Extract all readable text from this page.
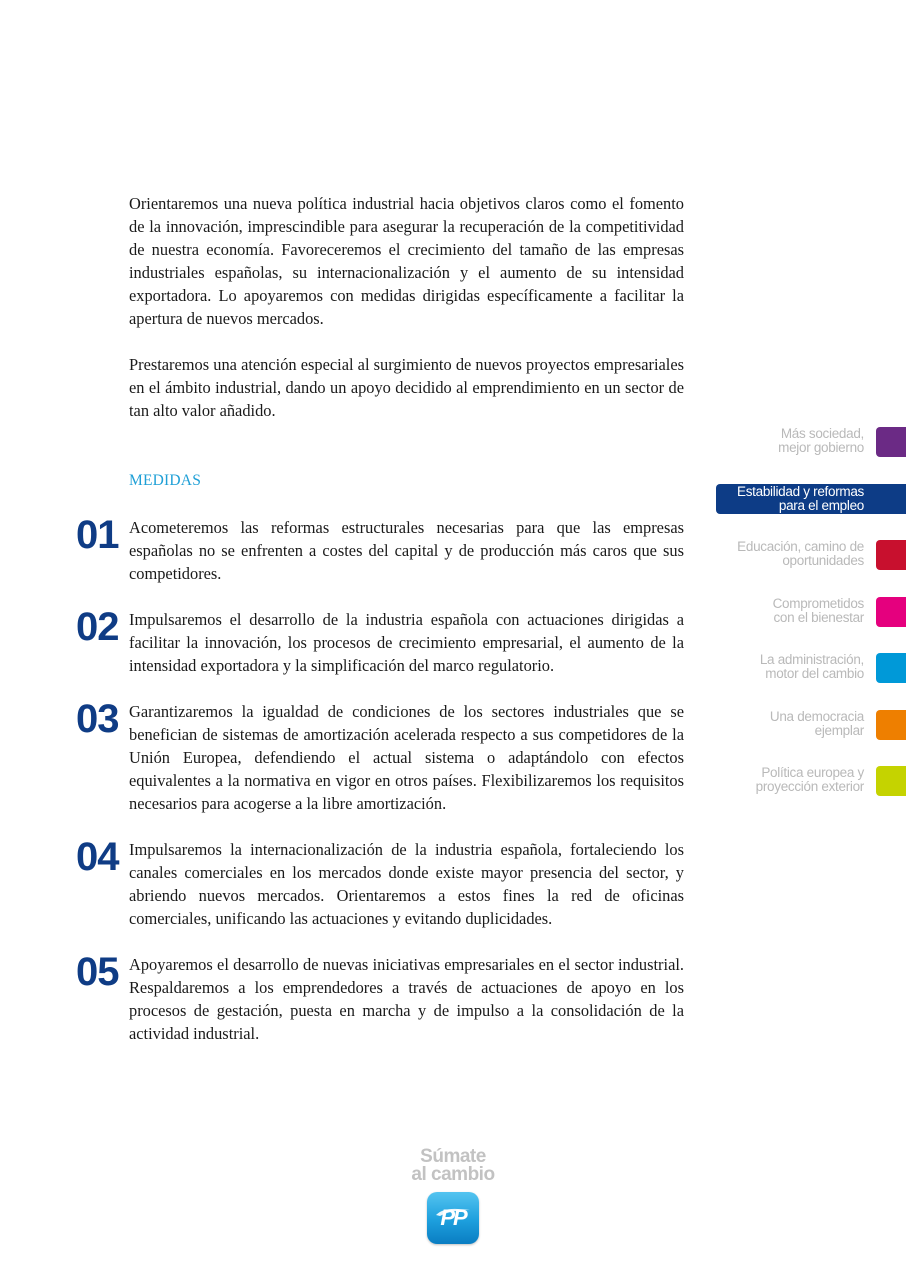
Orientaremos una nueva política industrial hacia objetivos claros como el fomento de la innovación, imprescindible para asegurar la recuperación de la competitividad de nuestra economía. Favoreceremos el crecimiento del tamaño de las empresas industriales españolas, su internacionalización y el aumento de su intensidad exportadora. Lo apoyaremos con medidas dirigidas específicamente a facilitar la apertura de nuevos mercados.

Prestaremos una atención especial al surgimiento de nuevos proyectos empresariales en el ámbito industrial, dando un apoyo decidido al emprendimiento en un sector de tan alto valor añadido.

MEDIDAS
01 Acometeremos las reformas estructurales necesarias para que las empresas españolas no se enfrenten a costes del capital y de producción más caros que sus competidores.

02 Impulsaremos el desarrollo de la industria española con actuaciones dirigidas a facilitar la innovación, los procesos de crecimiento empresarial, el aumento de la intensidad exportadora y la simplificación del marco regulatorio.

03 Garantizaremos la igualdad de condiciones de los sectores industriales que se benefician de sistemas de amortización acelerada respecto a sus competidores de la Unión Europea, defendiendo el actual sistema o adaptándolo con efectos equivalentes a la normativa en vigor en otros países. Flexibilizaremos los requisitos necesarios para acogerse a la libre amortización.

04 Impulsaremos la internacionalización de la industria española, fortaleciendo los canales comerciales en los mercados donde existe mayor presencia del sector, y abriendo nuevos mercados. Orientaremos a estos fines la red de oficinas comerciales, unificando las actuaciones y evitando duplicidades.

05 Apoyaremos el desarrollo de nuevas iniciativas empresariales en el sector industrial. Respaldaremos a los emprendedores a través de actuaciones de apoyo en los procesos de gestación, puesta en marcha y de impulso a la consolidación de la actividad industrial.

Más sociedad,
mejor gobierno
Estabilidad y reformas
para el empleo
Educación, camino de
oportunidades
Comprometidos
con el bienestar
La administración,
motor del cambio
Una democracia
ejemplar
Política europea y
proyección exterior
Súmate
al cambio
PP
